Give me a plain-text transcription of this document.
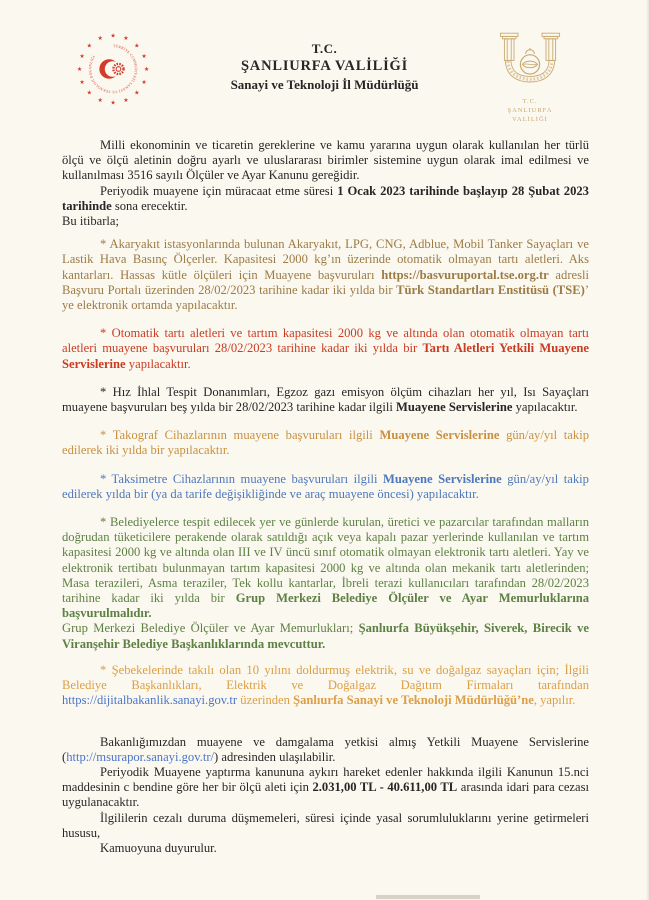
★ ★
★
★
★
★
★
★
★
★
★
★
★
★
★
★
TÜRKİYE CUMHURİYETİ SANAYİ VE TEKNOLOJİ BAKANLIĞI
T.C.
ŞANLIURFA VALİLİĞİ
Sanayi ve Teknoloji İl Müdürlüğü
T.C.
ŞANLIURFA
VALİLİĞİ

Milli ekonominin ve ticaretin gereklerine ve kamu yararına uygun olarak kullanılan her türlü ölçü ve ölçü aletinin doğru ayarlı ve uluslararası birimler sistemine uygun olarak imal edilmesi ve kullanılması 3516 sayılı Ölçüler ve Ayar Kanunu gereğidir.

Periyodik muayene için müracaat etme süresi 1 Ocak 2023 tarihinde başlayıp 28 Şubat 2023 tarihinde sona erecektir.

Bu itibarla;

* Akaryakıt istasyonlarında bulunan Akaryakıt, LPG, CNG, Adblue, Mobil Tanker Sayaçları ve Lastik Hava Basınç Ölçerler. Kapasitesi 2000 kg’ın üzerinde otomatik olmayan tartı aletleri. Aks kantarları. Hassas kütle ölçüleri için Muayene başvuruları https://basvuruportal.tse.org.tr adresli Başvuru Portalı üzerinden 28/02/2023 tarihine kadar iki yılda bir Türk Standartları Enstitüsü (TSE)’ ye elektronik ortamda yapılacaktır.

* Otomatik tartı aletleri ve tartım kapasitesi 2000 kg ve altında olan otomatik olmayan tartı aletleri muayene başvuruları 28/02/2023 tarihine kadar iki yılda bir Tartı Aletleri Yetkili Muayene Servislerine yapılacaktır.

* Hız İhlal Tespit Donanımları, Egzoz gazı emisyon ölçüm cihazları her yıl, Isı Sayaçları muayene başvuruları beş yılda bir 28/02/2023 tarihine kadar ilgili Muayene Servislerine yapılacaktır.

* Takograf Cihazlarının muayene başvuruları ilgili Muayene Servislerine gün/ay/yıl takip edilerek iki yılda bir yapılacaktır.

* Taksimetre Cihazlarının muayene başvuruları ilgili Muayene Servislerine gün/ay/yıl takip edilerek yılda bir (ya da tarife değişikliğinde ve araç muayene öncesi) yapılacaktır.

* Belediyelerce tespit edilecek yer ve günlerde kurulan, üretici ve pazarcılar tarafından malların doğrudan tüketicilere perakende olarak satıldığı açık veya kapalı pazar yerlerinde kullanılan ve tartım kapasitesi 2000 kg ve altında olan III ve IV üncü sınıf otomatik olmayan elektronik tartı aletleri. Yay ve elektronik tertibatı bulunmayan tartım kapasitesi 2000 kg ve altında olan mekanik tartı aletlerinden; Masa terazileri, Asma teraziler, Tek kollu kantarlar, İbreli terazi kullanıcıları tarafından 28/02/2023 tarihine kadar iki yılda bir Grup Merkezi Belediye Ölçüler ve Ayar Memurluklarına başvurulmalıdır.

Grup Merkezi Belediye Ölçüler ve Ayar Memurlukları; Şanlıurfa Büyükşehir, Siverek, Birecik ve Viranşehir Belediye Başkanlıklarında mevcuttur.

* Şebekelerinde takılı olan 10 yılını doldurmuş elektrik, su ve doğalgaz sayaçları için; İlgili Belediye Başkanlıkları, Elektrik ve Doğalgaz Dağıtım Firmaları tarafından https://dijitalbakanlik.sanayi.gov.tr üzerinden Şanlıurfa Sanayi ve Teknoloji Müdürlüğü’ne, yapılır.

Bakanlığımızdan muayene ve damgalama yetkisi almış Yetkili Muayene Servislerine (http://msurapor.sanayi.gov.tr/) adresinden ulaşılabilir.

Periyodik Muayene yaptırma kanununa aykırı hareket edenler hakkında ilgili Kanunun 15.nci maddesinin c bendine göre her bir ölçü aleti için 2.031,00 TL - 40.611,00 TL arasında idari para cezası uygulanacaktır.

İlgililerin cezalı duruma düşmemeleri, süresi içinde yasal sorumluluklarını yerine getirmeleri hususu,

Kamuoyuna duyurulur.
